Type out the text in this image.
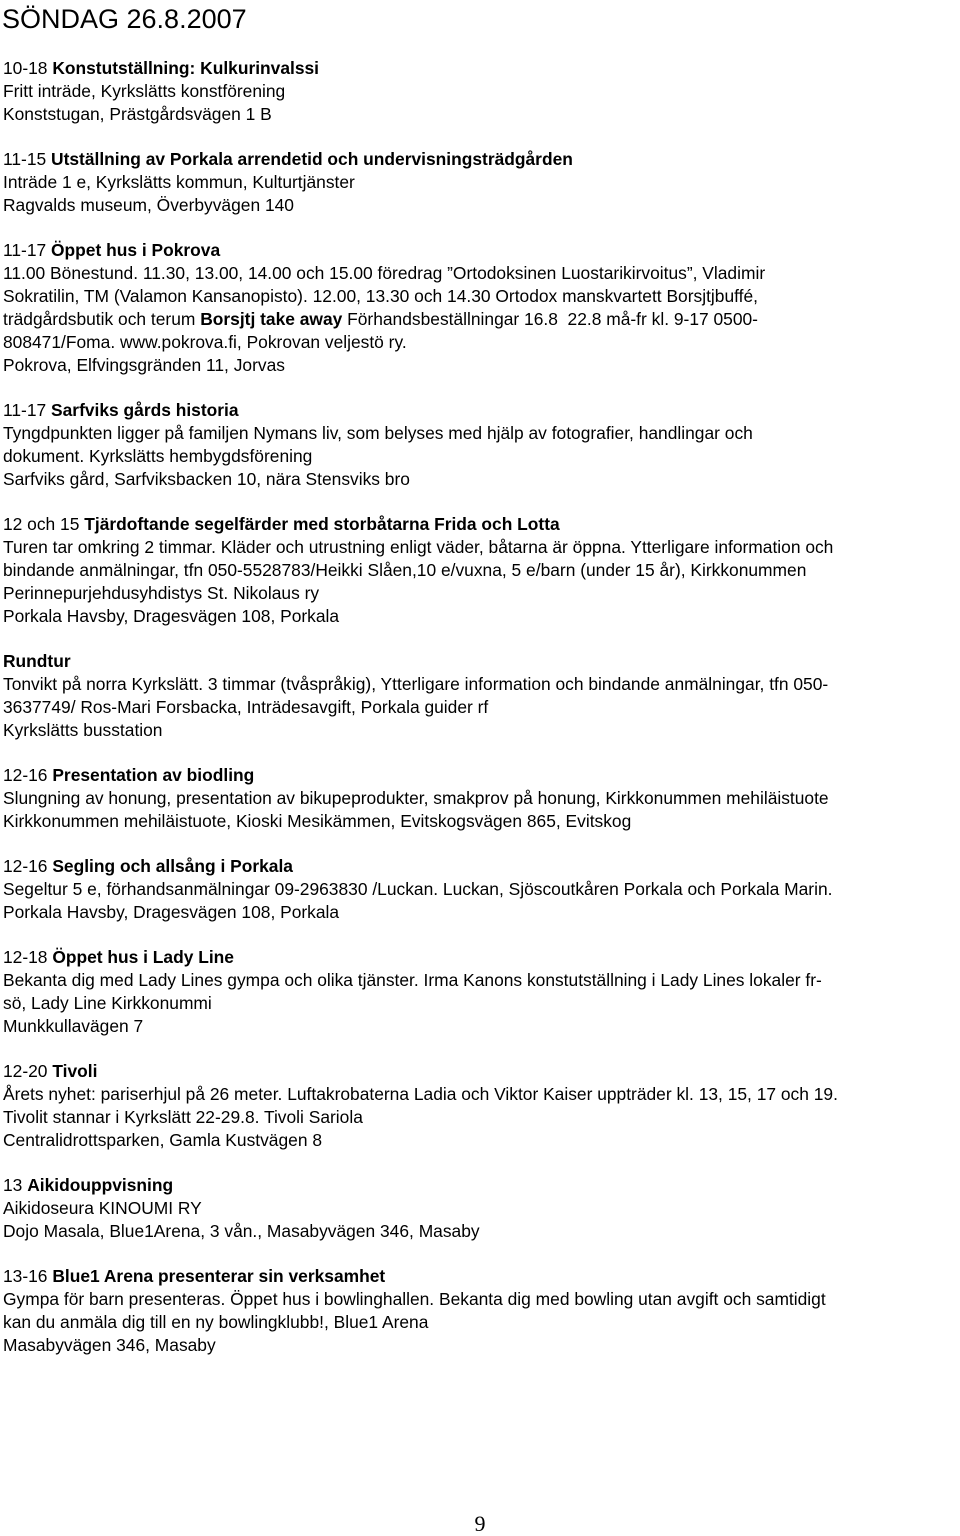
SÖNDAG 26.8.2007
10-18 Konstutställning: Kulkurinvalssi
Fritt inträde, Kyrkslätts konstförening
Konststugan, Prästgårdsvägen 1 B
11-15 Utställning av Porkala arrendetid och undervisningsträdgården
Inträde 1 e, Kyrkslätts kommun, Kulturtjänster
Ragvalds museum, Överbyvägen 140
11-17 Öppet hus i Pokrova
11.00 Bönestund. 11.30, 13.00, 14.00 och 15.00 föredrag ”Ortodoksinen Luostarikirvoitus”, Vladimir
Sokratilin, TM (Valamon Kansanopisto). 12.00, 13.30 och 14.30 Ortodox manskvartett Borsjtjbuffé,
trädgårdsbutik och terum Borsjtj take away Förhandsbeställningar 16.8  22.8 må-fr kl. 9-17 0500-
808471/Foma. www.pokrova.fi, Pokrovan veljestö ry.
Pokrova, Elfvingsgränden 11, Jorvas
11-17 Sarfviks gårds historia
Tyngdpunkten ligger på familjen Nymans liv, som belyses med hjälp av fotografier, handlingar och
dokument. Kyrkslätts hembygdsförening
Sarfviks gård, Sarfviksbacken 10, nära Stensviks bro
12 och 15 Tjärdoftande segelfärder med storbåtarna Frida och Lotta
Turen tar omkring 2 timmar. Kläder och utrustning enligt väder, båtarna är öppna. Ytterligare information och
bindande anmälningar, tfn 050-5528783/Heikki Slåen,10 e/vuxna, 5 e/barn (under 15 år), Kirkkonummen
Perinnepurjehdusyhdistys St. Nikolaus ry
Porkala Havsby, Dragesvägen 108, Porkala
Rundtur
Tonvikt på norra Kyrkslätt. 3 timmar (tvåspråkig), Ytterligare information och bindande anmälningar, tfn 050-
3637749/ Ros-Mari Forsbacka, Inträdesavgift, Porkala guider rf
Kyrkslätts busstation
12-16 Presentation av biodling
Slungning av honung, presentation av bikupeprodukter, smakprov på honung, Kirkkonummen mehiläistuote
Kirkkonummen mehiläistuote, Kioski Mesikämmen, Evitskogsvägen 865, Evitskog
12-16 Segling och allsång i Porkala
Segeltur 5 e, förhandsanmälningar 09-2963830 /Luckan. Luckan, Sjöscoutkåren Porkala och Porkala Marin.
Porkala Havsby, Dragesvägen 108, Porkala
12-18 Öppet hus i Lady Line
Bekanta dig med Lady Lines gympa och olika tjänster. Irma Kanons konstutställning i Lady Lines lokaler fr-
sö, Lady Line Kirkkonummi
Munkkullavägen 7
12-20 Tivoli
Årets nyhet: pariserhjul på 26 meter. Luftakrobaterna Ladia och Viktor Kaiser uppträder kl. 13, 15, 17 och 19.
Tivolit stannar i Kyrkslätt 22-29.8. Tivoli Sariola
Centralidrottsparken, Gamla Kustvägen 8
13 Aikidouppvisning
Aikidoseura KINOUMI RY
Dojo Masala, Blue1Arena, 3 vån., Masabyvägen 346, Masaby
13-16 Blue1 Arena presenterar sin verksamhet
Gympa för barn presenteras. Öppet hus i bowlinghallen. Bekanta dig med bowling utan avgift och samtidigt
kan du anmäla dig till en ny bowlingklubb!, Blue1 Arena
Masabyvägen 346, Masaby
9
